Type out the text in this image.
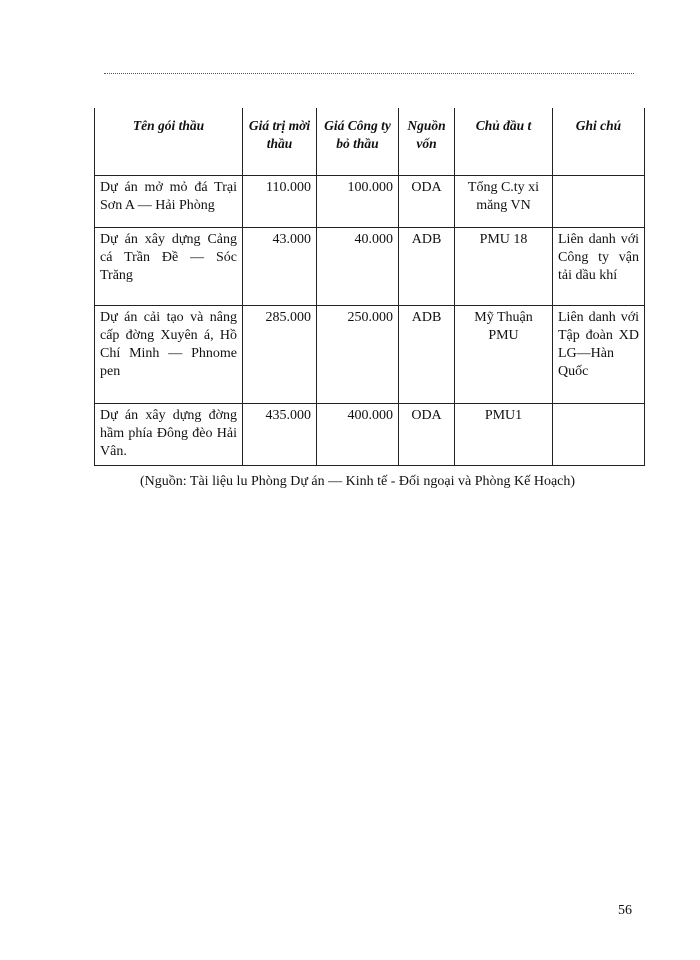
Tên gói thầu	Giá trị mời thầu	Giá Công ty bỏ thầu	Nguồn vốn	Chủ đầu t	Ghi chú
Dự án mở mỏ đá Trại Sơn A — Hải Phòng	110.000	100.000	ODA	Tổng C.ty xi măng VN	
Dự án xây dựng Cảng cá Trần Đề — Sóc Trăng	43.000	40.000	ADB	PMU 18	Liên danh với Công ty vận tải dầu khí
Dự án cải tạo và nâng cấp đờng Xuyên á, Hồ Chí Minh — Phnome pen	285.000	250.000	ADB	Mỹ Thuận PMU	Liên danh với Tập đoàn XD LG—Hàn Quốc
Dự án xây dựng đờng hầm phía Đông đèo Hải Vân.	435.000	400.000	ODA	PMU1	
(Nguồn: Tài liệu lu Phòng Dự án — Kinh tế - Đối ngoại và Phòng Kế Hoạch)
56
